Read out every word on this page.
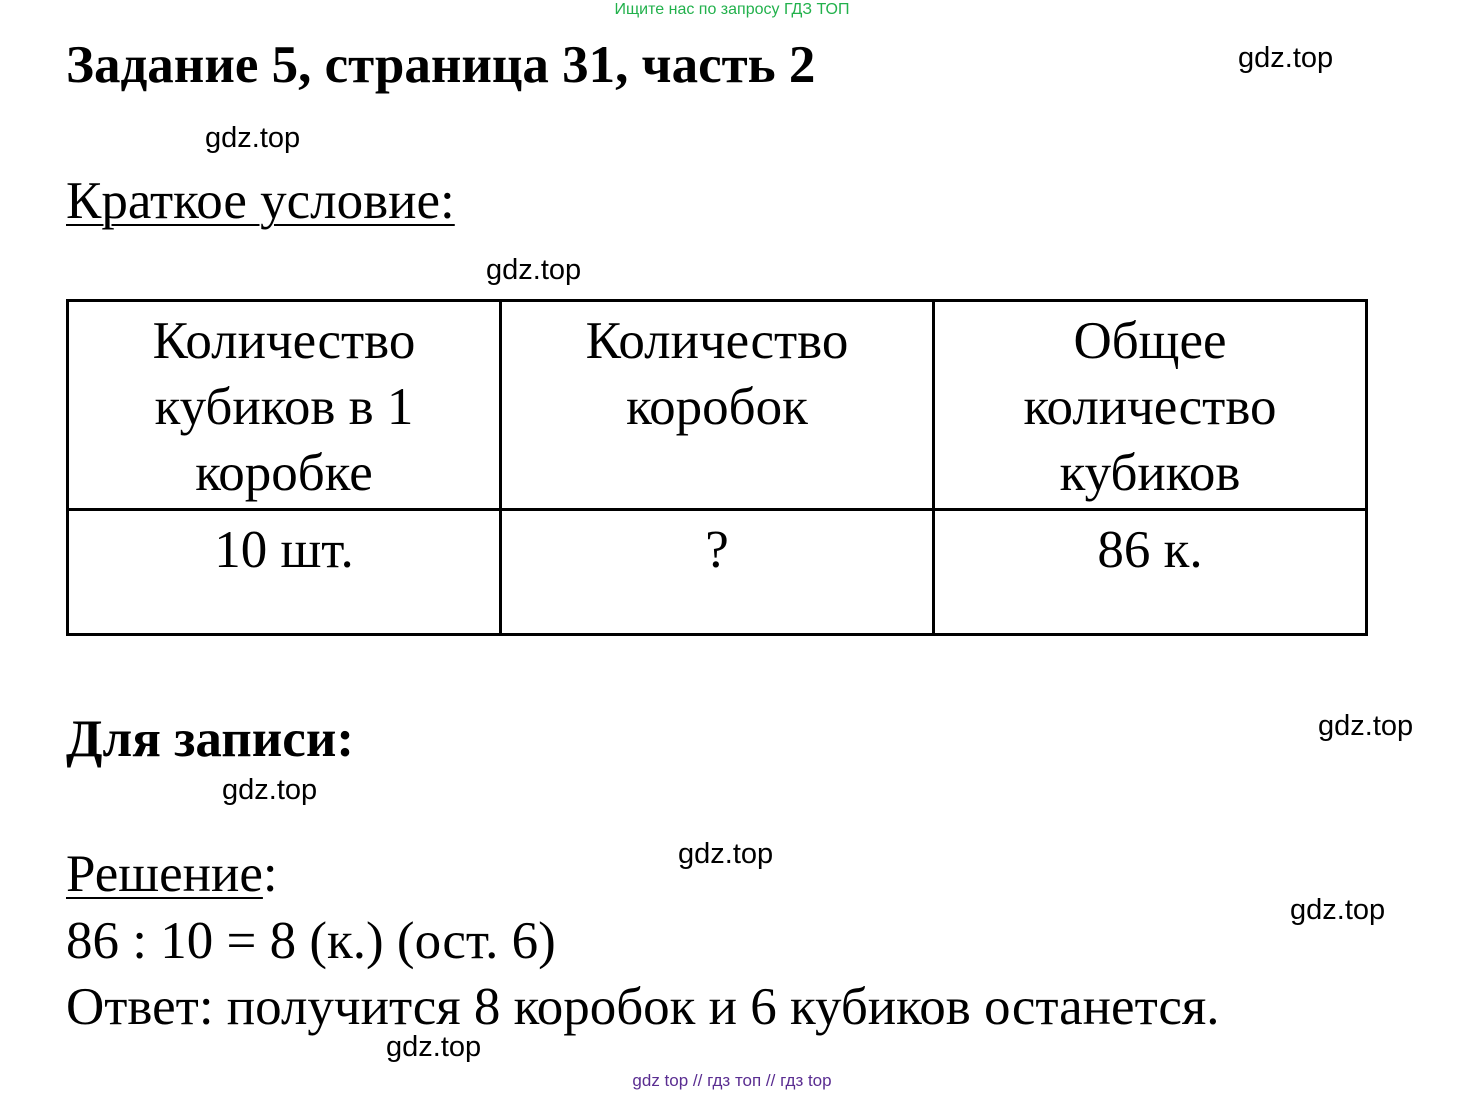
Ищите нас по запросу ГДЗ ТОП
Задание 5, страница 31, часть 2	gdz.top
gdz.top
gdz.top
gdz.top
gdz.top
gdz.top
gdz.top
gdz.top
Краткое условие:
Количество кубиков в 1 коробке	Количество коробок	Общее количество кубиков
10 шт.	?	86 к.
Для записи:
Решение:
86 : 10 = 8 (к.) (ост. 6)
Ответ: получится 8 коробок и 6 кубиков останется.
gdz top // гдз топ // гдз top
